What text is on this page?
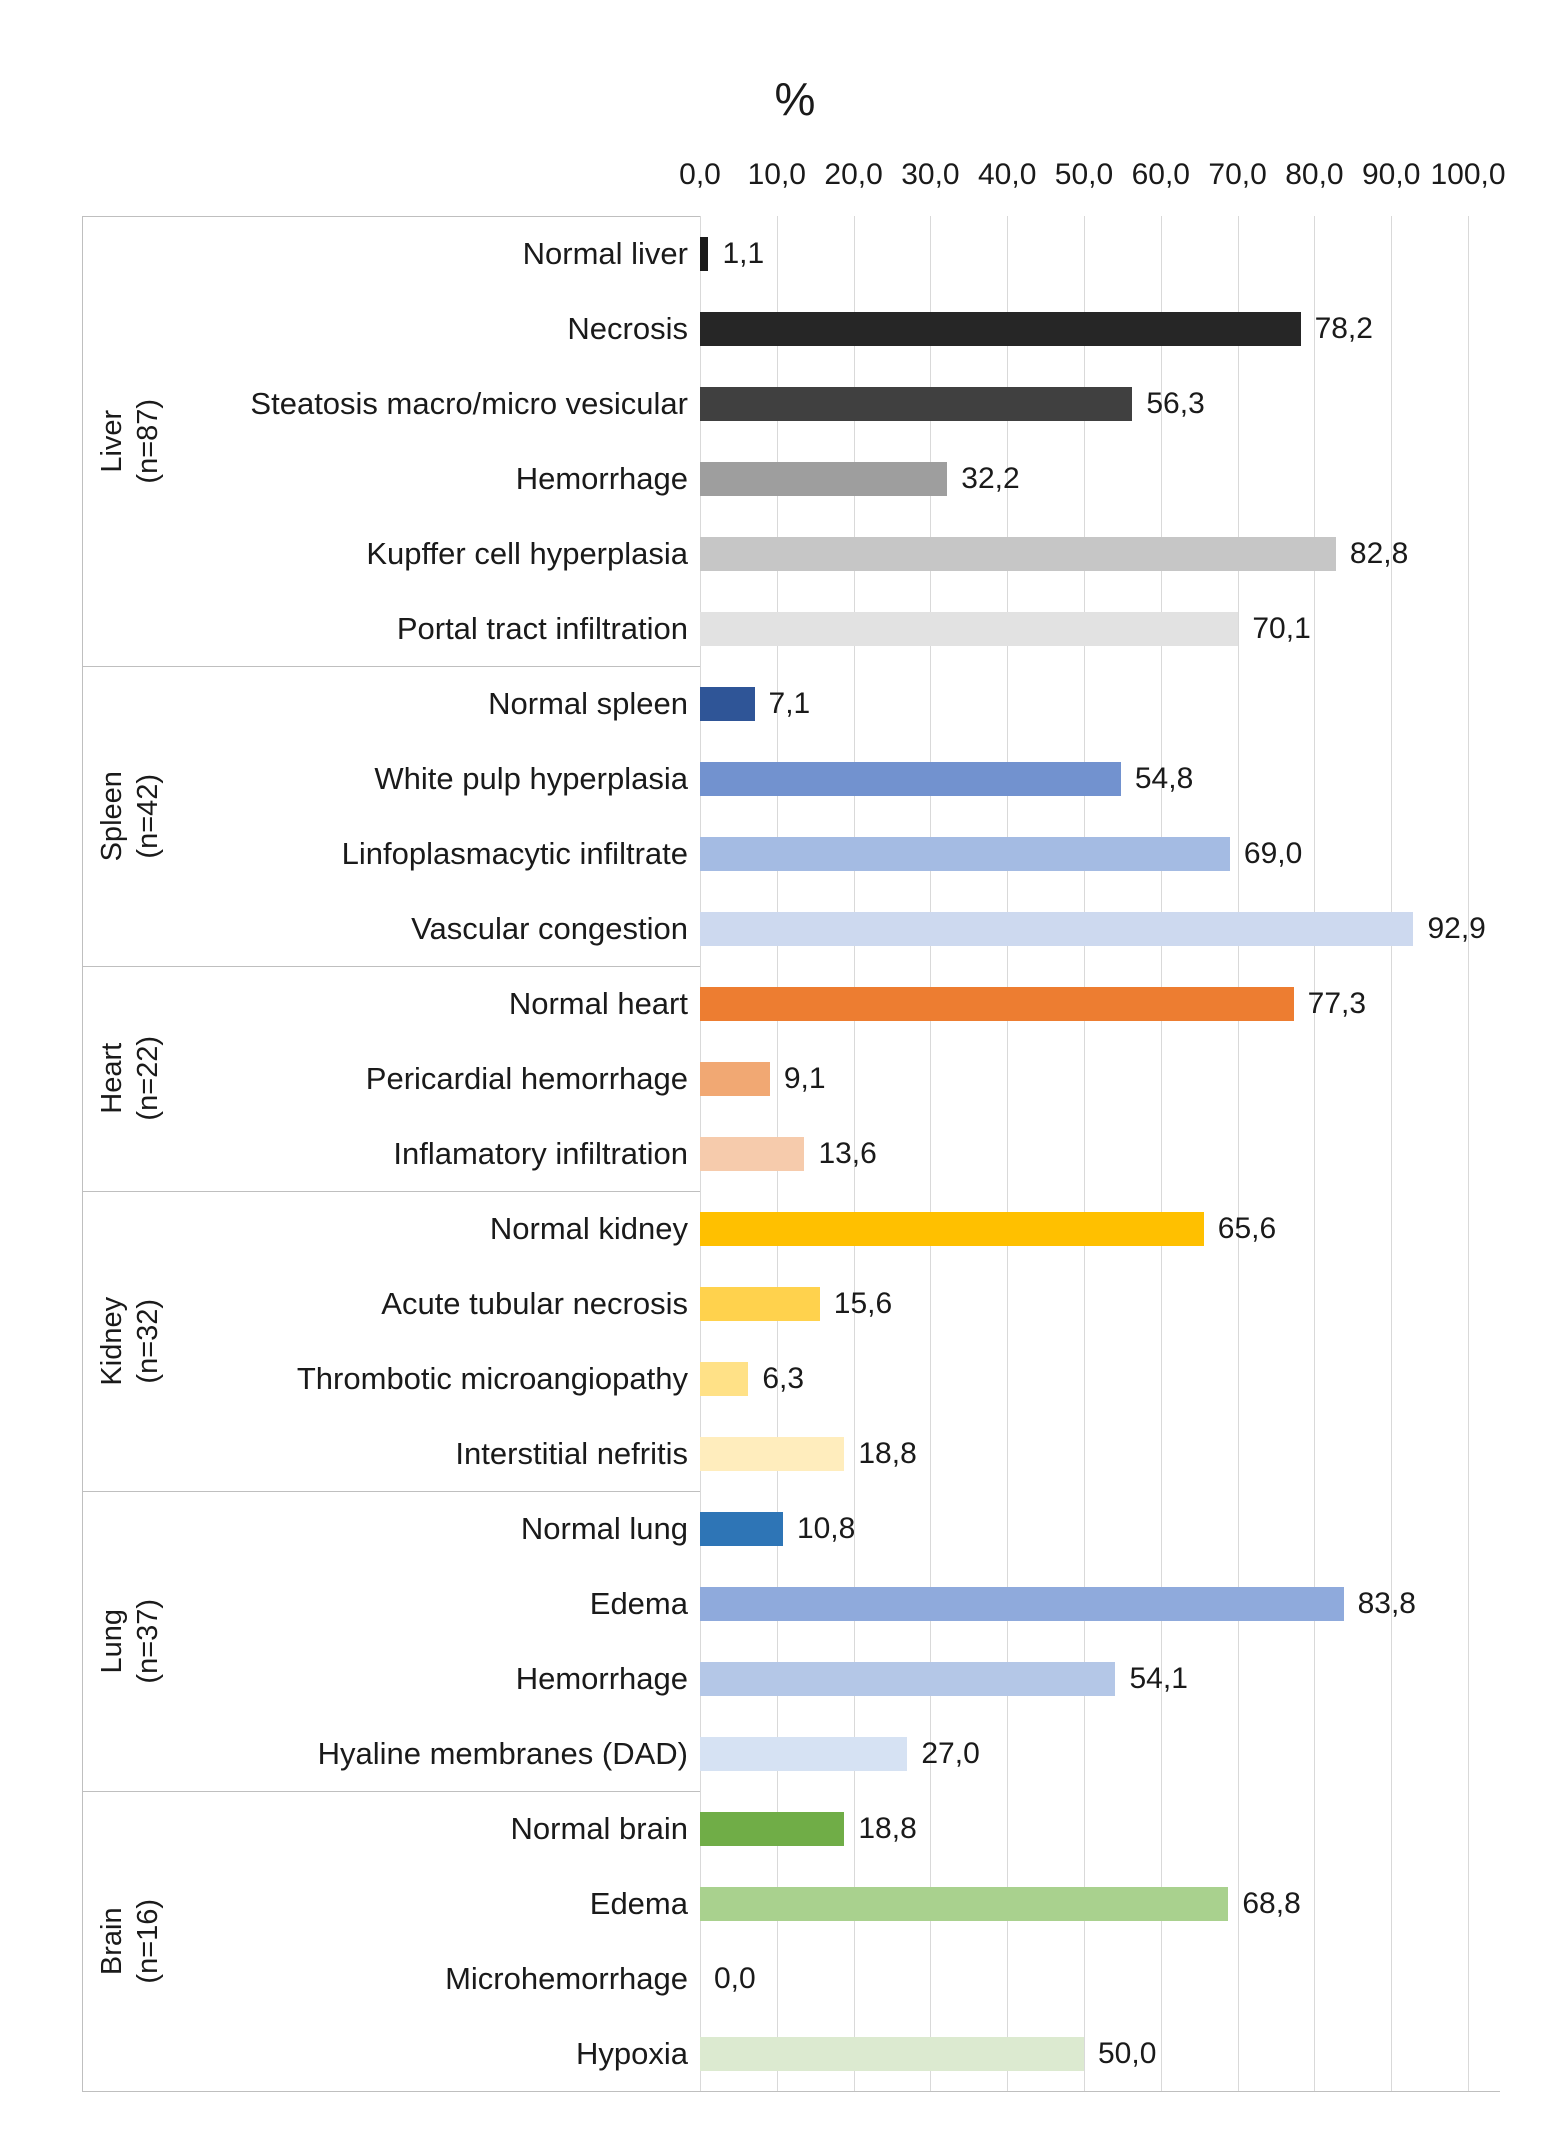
%
0,0 10,0 20,0 30,0 40,0 50,0 60,0 70,0 80,0 90,0 100,0
1,1
78,2
56,3
32,2
82,8
70,1
7,1
54,8
69,0
92,9
77,3
9,1
13,6
65,6
15,6
6,3
18,8
10,8
83,8
54,1
27,0
18,8
68,8
0,0
50,0
Normal liver
Necrosis
Steatosis macro/micro vesicular
Hemorrhage
Kupffer cell hyperplasia
Portal tract infiltration
Normal spleen
White pulp hyperplasia
Linfoplasmacytic infiltrate
Vascular congestion
Normal heart
Pericardial hemorrhage
Inflamatory infiltration
Normal kidney
Acute tubular necrosis
Thrombotic microangiopathy
Interstitial nefritis
Normal lung
Edema
Hemorrhage
Hyaline membranes (DAD)
Normal brain
Edema
Microhemorrhage
Hypoxia
Liver (n=87)
Spleen (n=42)
Heart (n=22)
Kidney (n=32)
Lung (n=37)
Brain (n=16)
